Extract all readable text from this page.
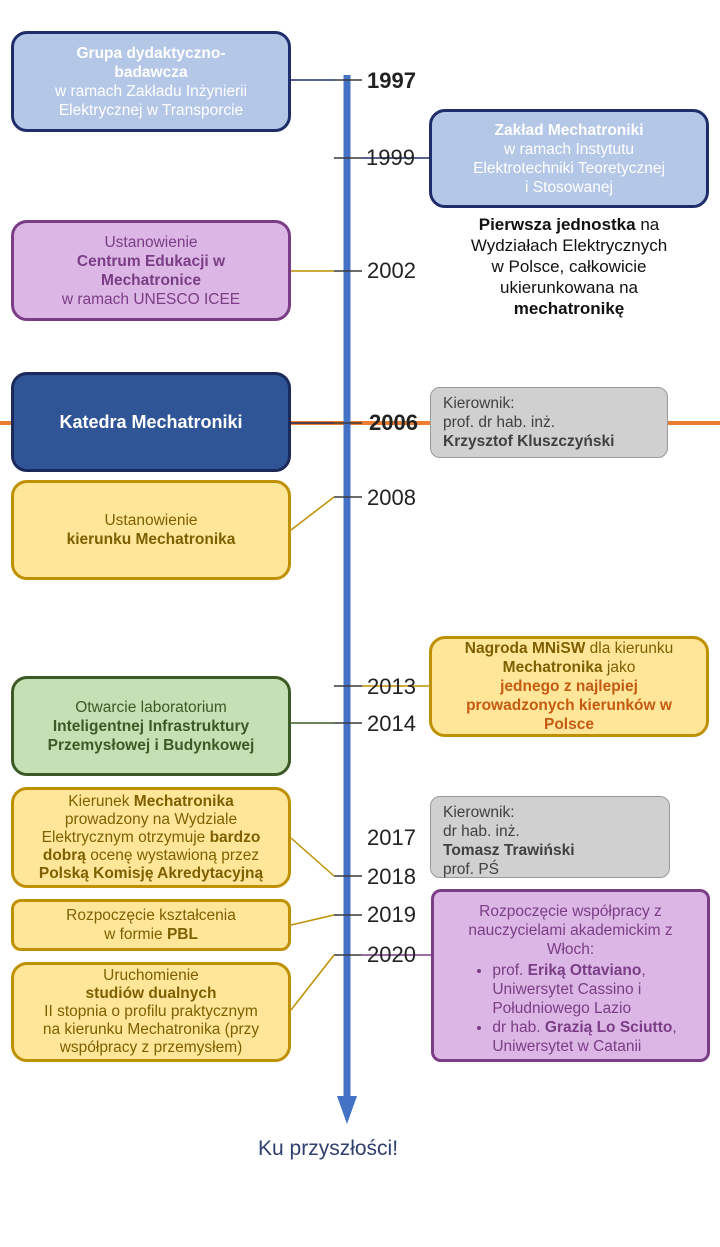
1997
1999
2002
2006
2008
2013
2014
2017
2018
2019
2020
Grupa dydaktyczno-
badawcza
w ramach Zakładu Inżynierii
Elektrycznej w Transporcie
Zakład Mechatroniki
w ramach Instytutu
Elektrotechniki Teoretycznej
i Stosowanej
Pierwsza jednostka na
Wydziałach Elektrycznych
w Polsce, całkowicie
ukierunkowana na
mechatronikę
Ustanowienie
Centrum Edukacji w
Mechatronice
w ramach UNESCO ICEE
Katedra Mechatroniki
Kierownik:
prof. dr hab. inż.
Krzysztof Kluszczyński
Ustanowienie
kierunku Mechatronika
Nagroda MNiSW dla kierunku
Mechatronika jako
jednego z najlepiej
prowadzonych kierunków w
Polsce
Otwarcie laboratorium
Inteligentnej Infrastruktury
Przemysłowej i Budynkowej
Kierunek Mechatronika
prowadzony na Wydziale
Elektrycznym otrzymuje bardzo
dobrą ocenę wystawioną przez
Polską Komisję Akredytacyjną
Kierownik:
dr hab. inż.
Tomasz Trawiński
prof. PŚ
Rozpoczęcie kształcenia
w formie PBL
Rozpoczęcie współpracy z
nauczycielami akademickim z
Włoch:
• prof. Eriką Ottaviano,
Uniwersytet Cassino i
Południowego Lazio
• dr hab. Grazią Lo Sciutto,
Uniwersytet w Catanii
Uruchomienie
studiów dualnych
II stopnia o profilu praktycznym
na kierunku Mechatronika (przy
współpracy z przemysłem)
Ku przyszłości!
